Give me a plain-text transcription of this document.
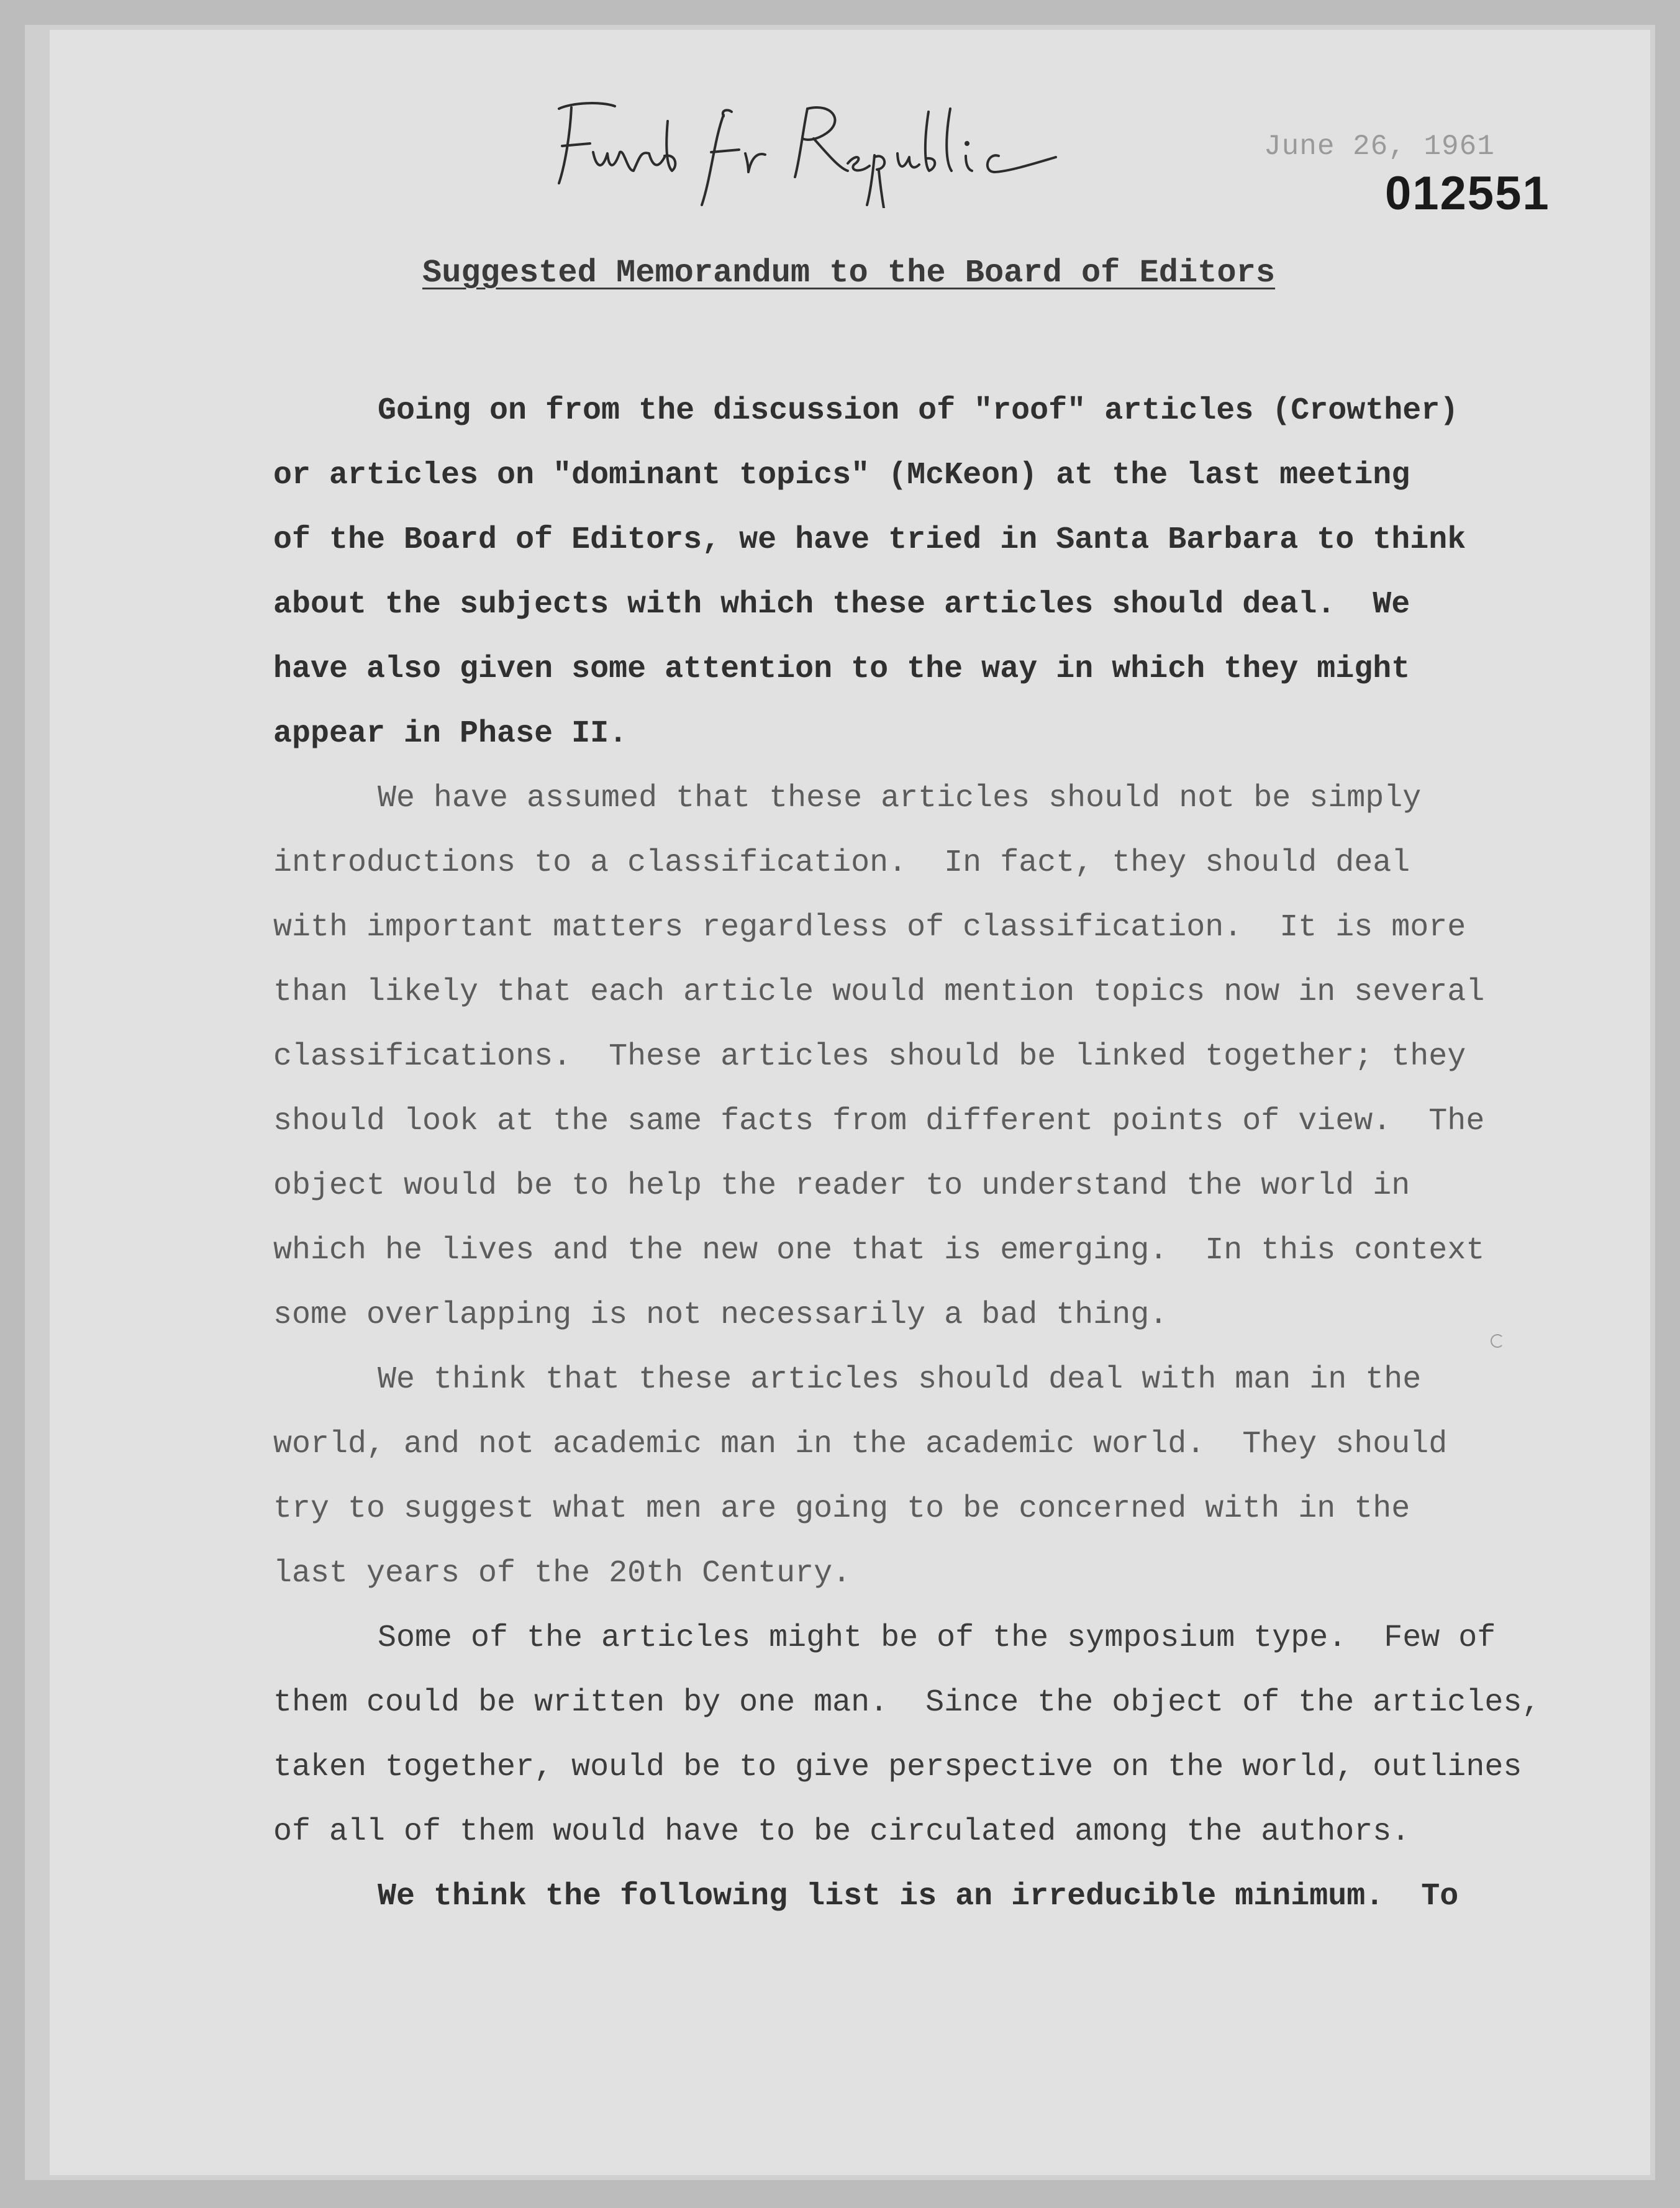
June 26, 1961
012551
Suggested Memorandum to the Board of Editors
Going on from the discussion of "roof" articles (Crowther)
or articles on "dominant topics" (McKeon) at the last meeting
of the Board of Editors, we have tried in Santa Barbara to think
about the subjects with which these articles should deal.  We
have also given some attention to the way in which they might
appear in Phase II.
We have assumed that these articles should not be simply
introductions to a classification.  In fact, they should deal
with important matters regardless of classification.  It is more
than likely that each article would mention topics now in several
classifications.  These articles should be linked together; they
should look at the same facts from different points of view.  The
object would be to help the reader to understand the world in
which he lives and the new one that is emerging.  In this context
some overlapping is not necessarily a bad thing.
We think that these articles should deal with man in the
world, and not academic man in the academic world.  They should
try to suggest what men are going to be concerned with in the
last years of the 20th Century.
Some of the articles might be of the symposium type.  Few of
them could be written by one man.  Since the object of the articles,
taken together, would be to give perspective on the world, outlines
of all of them would have to be circulated among the authors.
We think the following list is an irreducible minimum.  To
